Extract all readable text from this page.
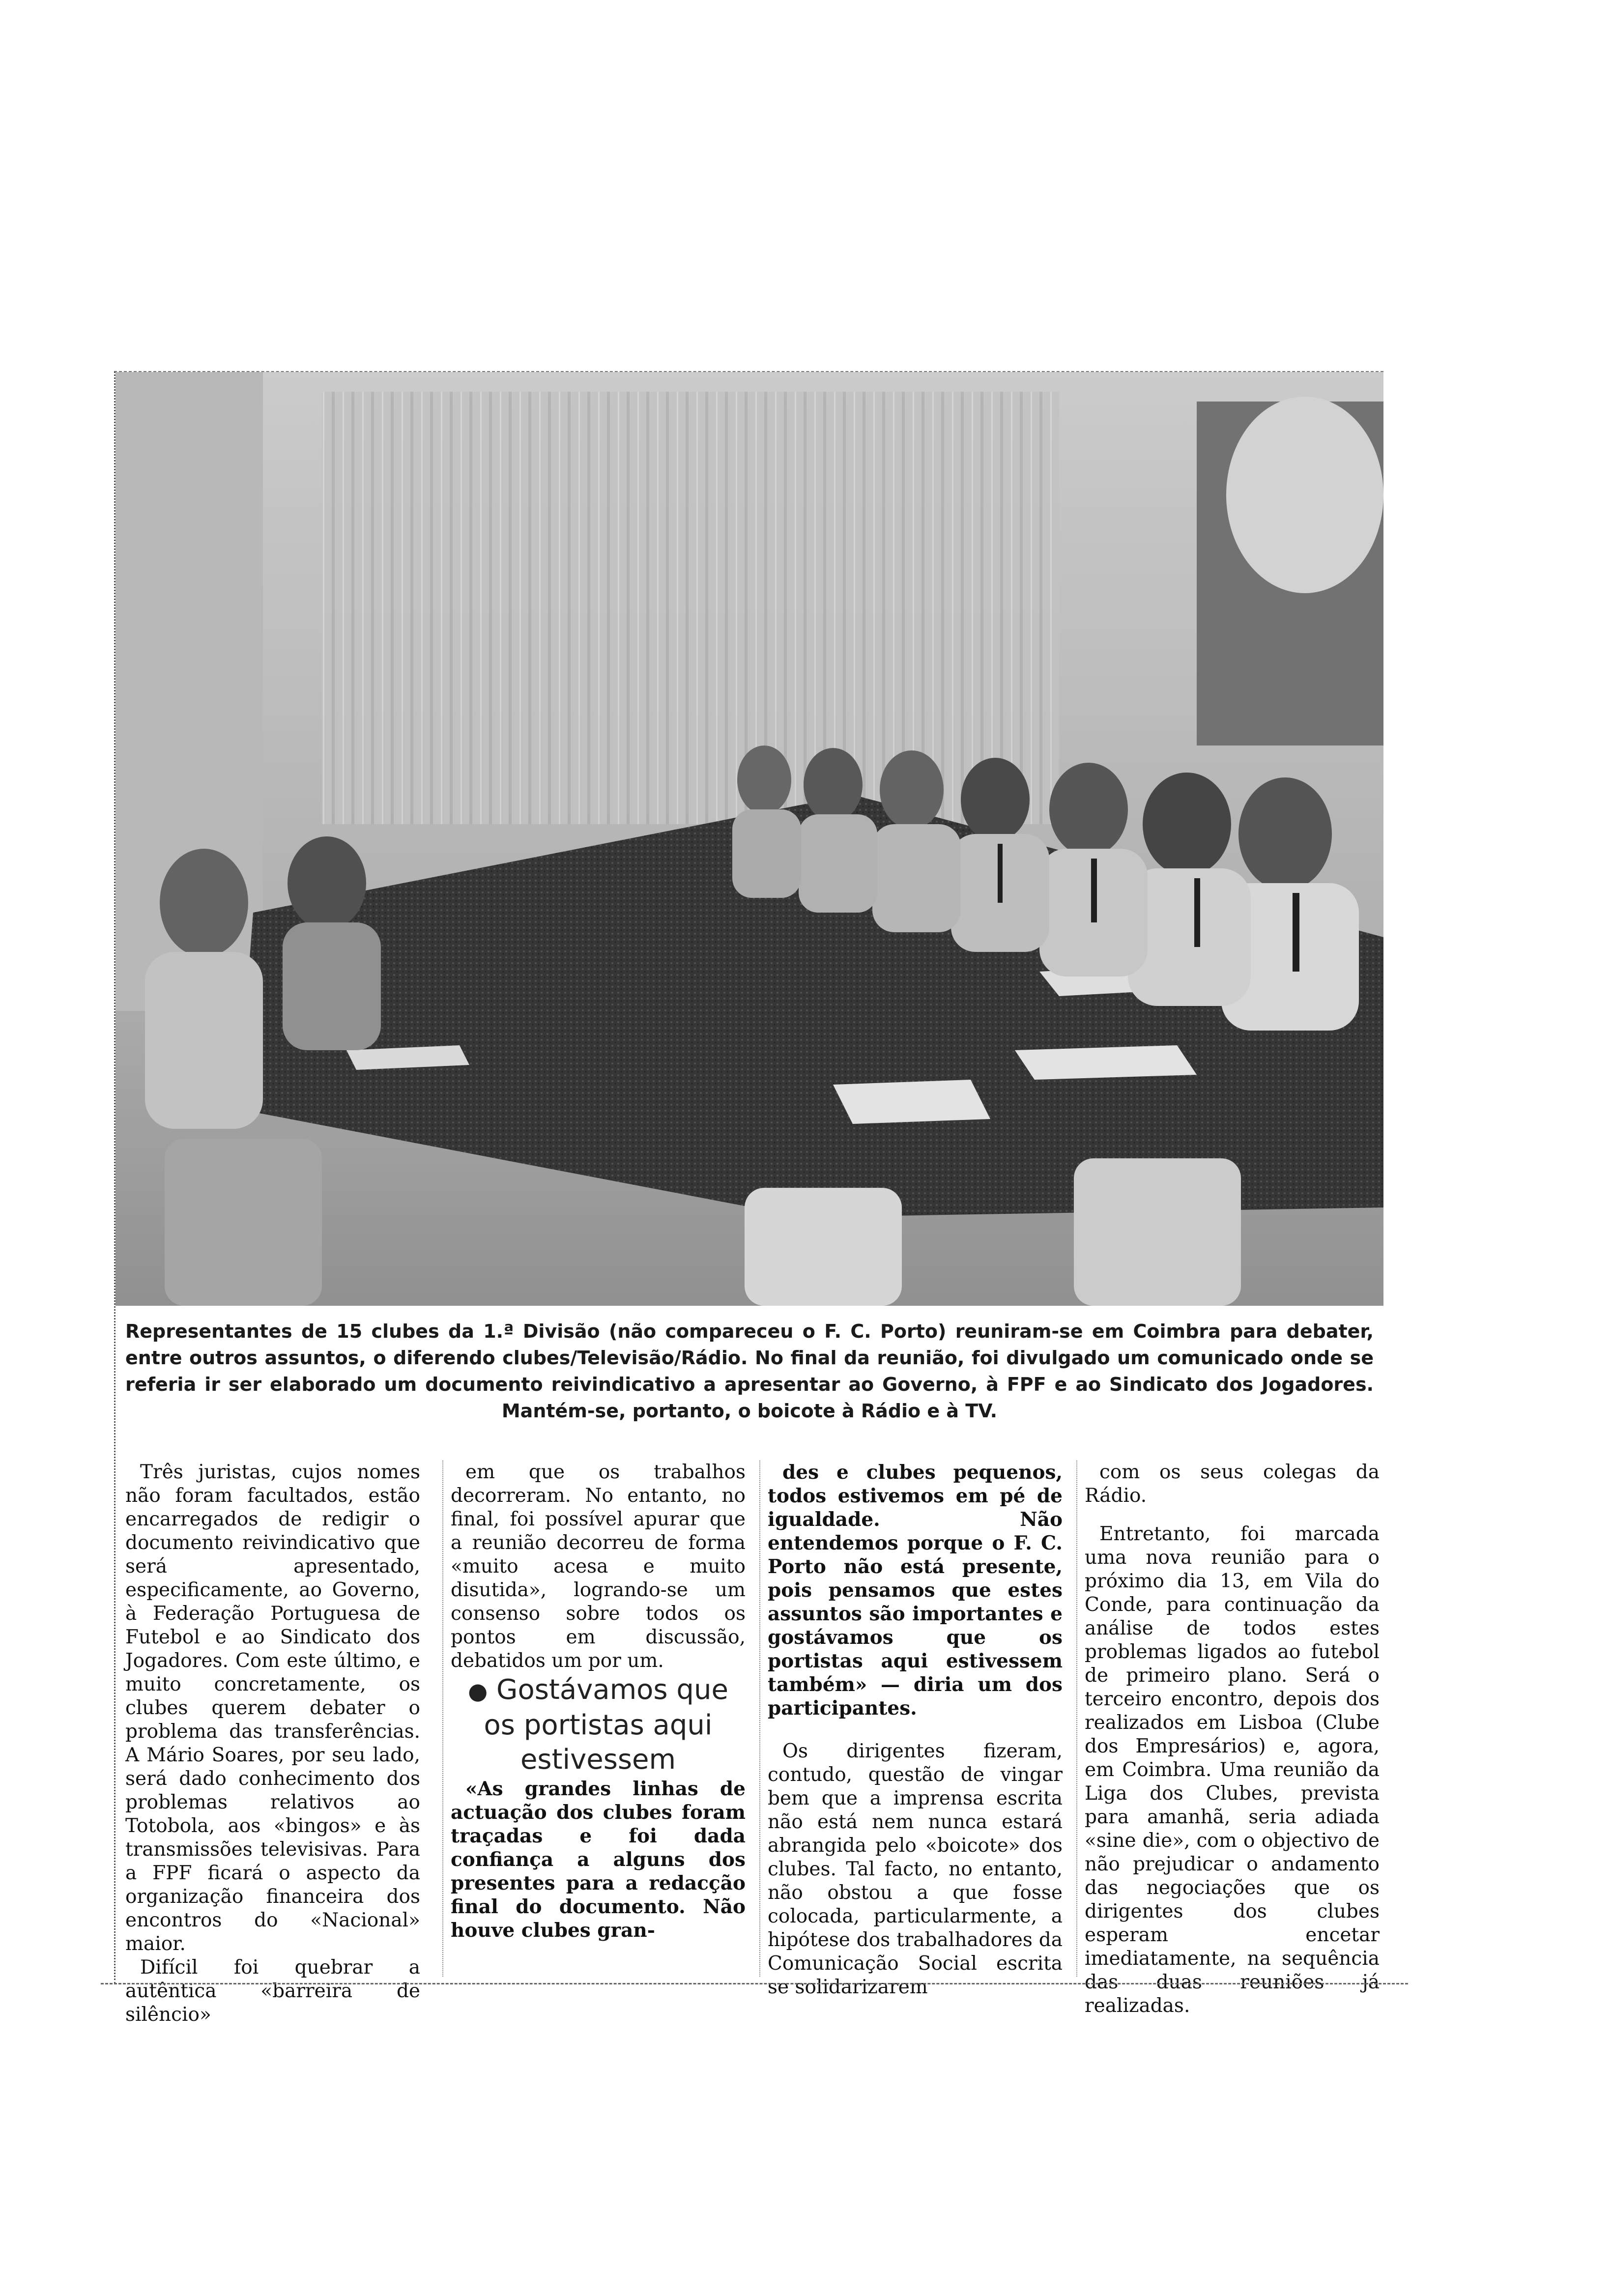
Representantes de 15 clubes da 1.ª Divisão (não compareceu o F. C. Porto) reuniram-se em Coimbra para debater, entre outros assuntos, o diferendo clubes/Televisão/Rádio. No final da reunião, foi divulgado um comunicado onde se referia ir ser elaborado um documento reivindicativo a apresentar ao Governo, à FPF e ao Sindicato dos Jogadores. Mantém-se, portanto, o boicote à Rádio e à TV.

Três juristas, cujos nomes não foram facultados, estão encarregados de redigir o documento reivindicativo que será apresentado, especificamente, ao Governo, à Federação Portuguesa de Futebol e ao Sindicato dos Jogadores. Com este último, e muito concretamente, os clubes querem debater o problema das transferências. A Mário Soares, por seu lado, será dado conhecimento dos problemas relativos ao Totobola, aos «bingos» e às transmissões televisivas. Para a FPF ficará o aspecto da organização financeira dos encontros do «Nacional» maior.

Difícil foi quebrar a autêntica «barreira de silêncio»

em que os trabalhos decorreram. No entanto, no final, foi possível apurar que a reunião decorreu de forma «muito acesa e muito disutida», logrando-se um consenso sobre todos os pontos em discussão, debatidos um por um.

● Gostávamos que os portistas aqui estivessem

«As grandes linhas de actuação dos clubes foram traçadas e foi dada confiança a alguns dos presentes para a redacção final do documento. Não houve clubes gran-

des e clubes pequenos, todos estivemos em pé de igualdade. Não entendemos porque o F. C. Porto não está presente, pois pensamos que estes assuntos são importantes e gostávamos que os portistas aqui estivessem também» — diria um dos participantes.

Os dirigentes fizeram, contudo, questão de vingar bem que a imprensa escrita não está nem nunca estará abrangida pelo «boicote» dos clubes. Tal facto, no entanto, não obstou a que fosse colocada, particularmente, a hipótese dos trabalhadores da Comunicação Social escrita se solidarizarem

com os seus colegas da Rádio.

Entretanto, foi marcada uma nova reunião para o próximo dia 13, em Vila do Conde, para continuação da análise de todos estes problemas ligados ao futebol de primeiro plano. Será o terceiro encontro, depois dos realizados em Lisboa (Clube dos Empresários) e, agora, em Coimbra. Uma reunião da Liga dos Clubes, prevista para amanhã, seria adiada «sine die», com o objectivo de não prejudicar o andamento das negociações que os dirigentes dos clubes esperam encetar imediatamente, na sequência das duas reuniões já realizadas.
